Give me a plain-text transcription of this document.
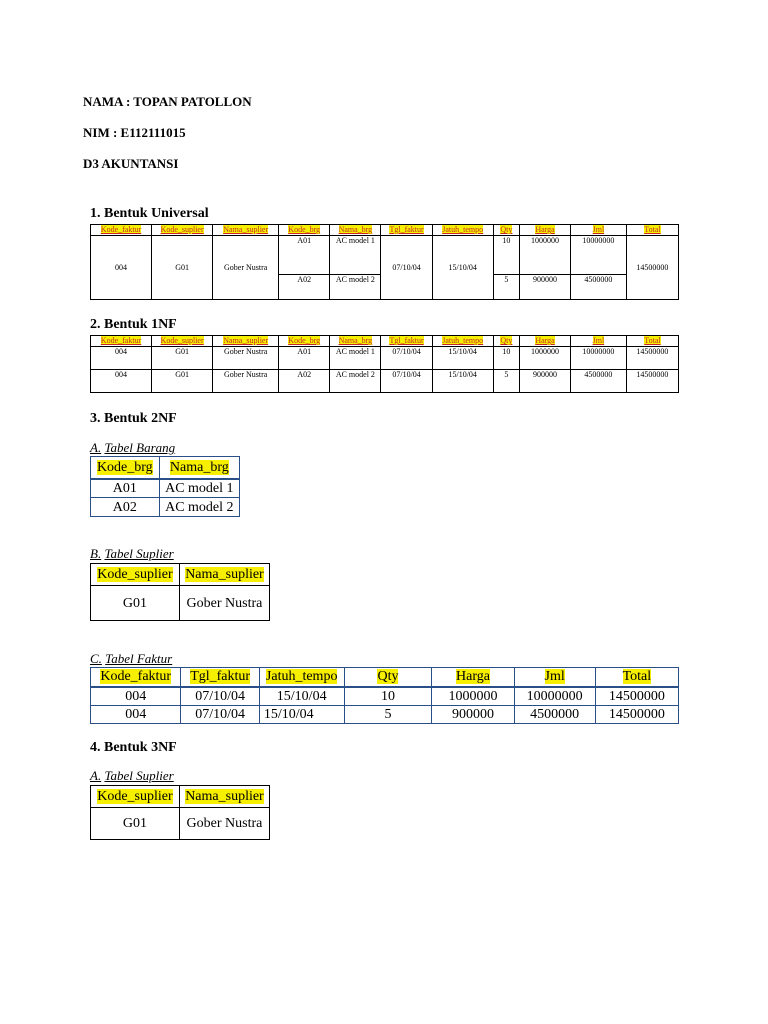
NAMA : TOPAN PATOLLON
NIM : E112111015
D3 AKUNTANSI
1. Bentuk Universal
Kode_faktur	Kode_suplier	Nama_suplier	Kode_brg	Nama_brg	Tgl_faktur	Jatuh_tempo	Qty	Harga	Jml	Total
004	G01	Gober Nustra	A01	AC model 1	07/10/04	15/10/04	10	1000000	10000000	14500000
			A02	AC model 2			5	900000	4500000	
2. Bentuk 1NF
Kode_faktur	Kode_suplier	Nama_suplier	Kode_brg	Nama_brg	Tgl_faktur	Jatuh_tempo	Qty	Harga	Jml	Total
004	G01	Gober Nustra	A01	AC model 1	07/10/04	15/10/04	10	1000000	10000000	14500000
004	G01	Gober Nustra	A02	AC model 2	07/10/04	15/10/04	5	900000	4500000	14500000
3. Bentuk 2NF
A. Tabel Barang
Kode_brg	Nama_brg
A01	AC model 1
A02	AC model 2
B. Tabel Suplier
Kode_suplier	Nama_suplier
G01	Gober Nustra
C. Tabel Faktur
Kode_faktur	Tgl_faktur	Jatuh_tempo	Qty	Harga	Jml	Total
004	07/10/04	15/10/04	10	1000000	10000000	14500000
004	07/10/04	15/10/04	5	900000	4500000	14500000
4. Bentuk 3NF
A. Tabel Suplier
Kode_suplier	Nama_suplier
G01	Gober Nustra
